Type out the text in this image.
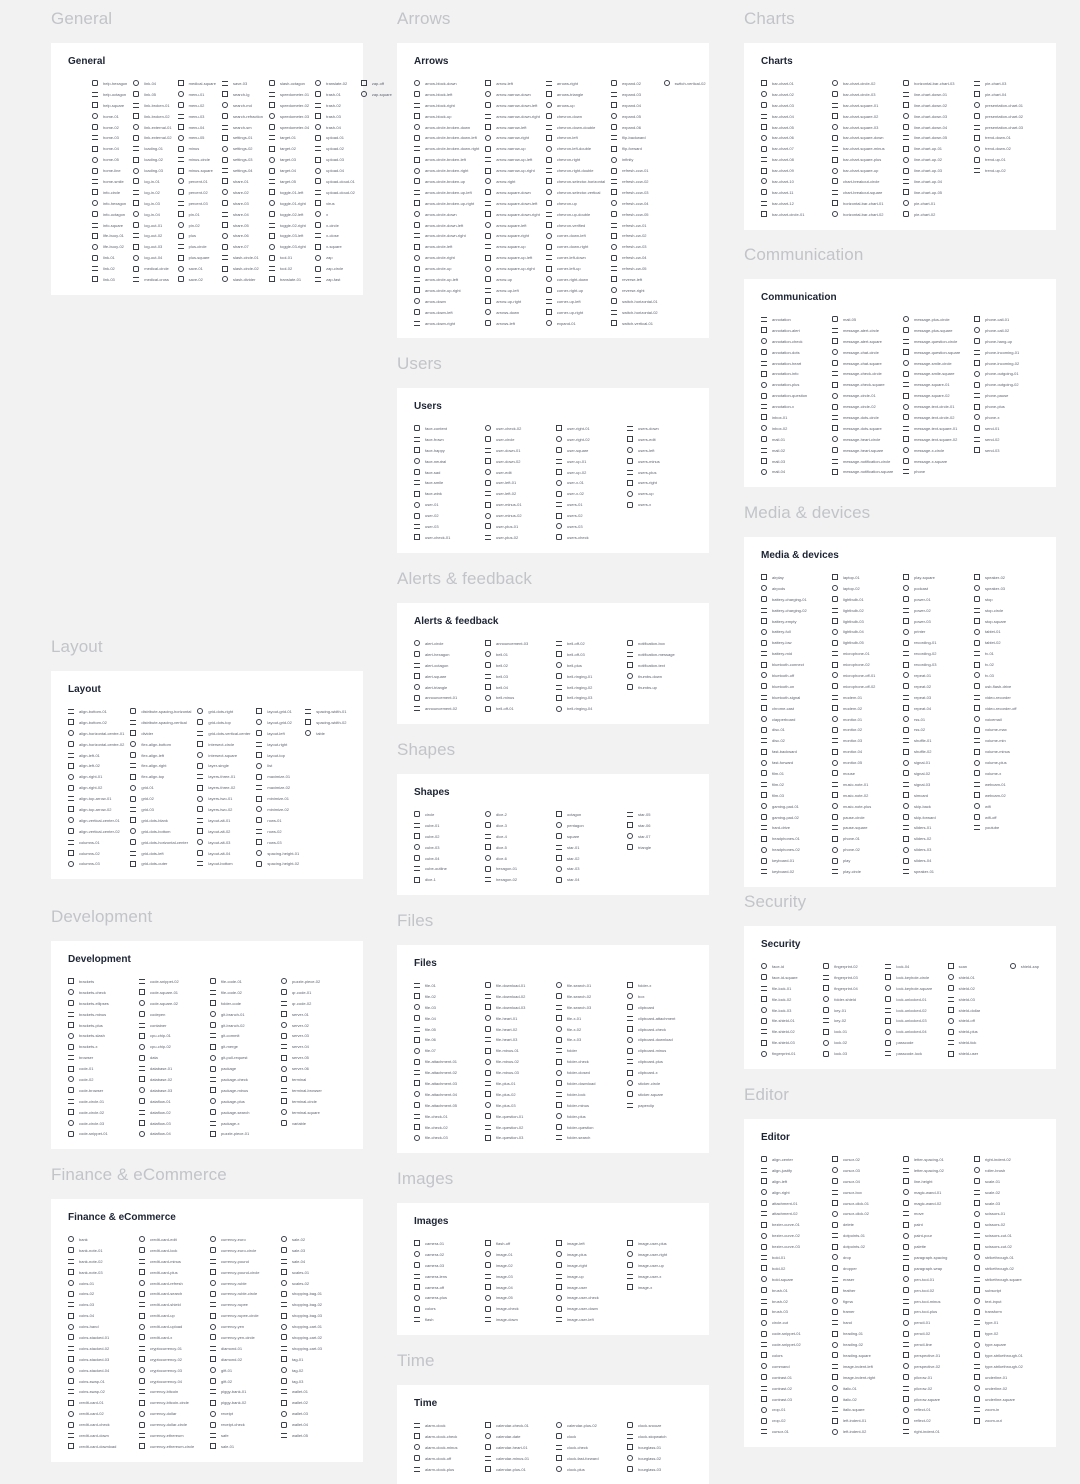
General
General
help-hexagon
help-octagon
help-square
home-01
home-02
home-03
home-04
home-05
home-line
home-smile
info-circle
info-hexagon
info-octagon
info-square
life-buoy-01
life-buoy-02
link-01
link-02
link-03
link-04
link-05
link-broken-01
link-broken-02
link-external-01
link-external-02
loading-01
loading-02
loading-03
log-in-01
log-in-02
log-in-03
log-in-04
log-out-01
log-out-02
log-out-03
log-out-04
medical-circle
medical-cross
medical-square
menu-01
menu-02
menu-03
menu-04
menu-05
minus
minus-circle
minus-square
percent-01
percent-02
percent-03
pin-01
pin-02
plus
plus-circle
plus-square
save-01
save-02
save-03
search-lg
search-md
search-refraction
search-sm
settings-01
settings-02
settings-03
settings-04
share-01
share-02
share-03
share-04
share-05
share-06
share-07
slash-circle-01
slash-circle-02
slash-divider
slash-octagon
speedometer-01
speedometer-02
speedometer-03
speedometer-04
target-01
target-02
target-03
target-04
target-05
toggle-01-left
toggle-01-right
toggle-02-left
toggle-02-right
toggle-03-left
toggle-03-right
tool-01
tool-02
translate-01
translate-02
trash-01
trash-02
trash-03
trash-04
upload-01
upload-02
upload-03
upload-04
upload-cloud-01
upload-cloud-02
virus
x
x-circle
x-close
x-square
zap
zap-circle
zap-fast
zap-off
zap-square
Arrows
Arrows
arrow-block-down
arrow-block-left
arrow-block-right
arrow-block-up
arrow-circle-broken-down
arrow-circle-broken-down-left
arrow-circle-broken-down-right
arrow-circle-broken-left
arrow-circle-broken-right
arrow-circle-broken-up
arrow-circle-broken-up-left
arrow-circle-broken-up-right
arrow-circle-down
arrow-circle-down-left
arrow-circle-down-right
arrow-circle-left
arrow-circle-right
arrow-circle-up
arrow-circle-up-left
arrow-circle-up-right
arrow-down
arrow-down-left
arrow-down-right
arrow-left
arrow-narrow-down
arrow-narrow-down-left
arrow-narrow-down-right
arrow-narrow-left
arrow-narrow-right
arrow-narrow-up
arrow-narrow-up-left
arrow-narrow-up-right
arrow-right
arrow-square-down
arrow-square-down-left
arrow-square-down-right
arrow-square-left
arrow-square-right
arrow-square-up
arrow-square-up-left
arrow-square-up-right
arrow-up
arrow-up-left
arrow-up-right
arrows-down
arrows-left
arrows-right
arrows-triangle
arrows-up
chevron-down
chevron-down-double
chevron-left
chevron-left-double
chevron-right
chevron-right-double
chevron-selector-horizontal
chevron-selector-vertical
chevron-up
chevron-up-double
chevron-verified
corner-down-left
corner-down-right
corner-left-down
corner-left-up
corner-right-down
corner-right-up
corner-up-left
corner-up-right
expand-01
expand-02
expand-03
expand-04
expand-05
expand-06
flip-backward
flip-forward
infinity
refresh-ccw-01
refresh-ccw-02
refresh-ccw-03
refresh-ccw-04
refresh-ccw-05
refresh-cw-01
refresh-cw-02
refresh-cw-03
refresh-cw-04
refresh-cw-05
reverse-left
reverse-right
switch-horizontal-01
switch-horizontal-02
switch-vertical-01
switch-vertical-02
Charts
Charts
bar-chart-01
bar-chart-02
bar-chart-03
bar-chart-04
bar-chart-05
bar-chart-06
bar-chart-07
bar-chart-08
bar-chart-09
bar-chart-10
bar-chart-11
bar-chart-12
bar-chart-circle-01
bar-chart-circle-02
bar-chart-circle-03
bar-chart-square-01
bar-chart-square-02
bar-chart-square-03
bar-chart-square-down
bar-chart-square-minus
bar-chart-square-plus
bar-chart-square-up
chart-breakout-circle
chart-breakout-square
horizontal-bar-chart-01
horizontal-bar-chart-02
horizontal-bar-chart-03
line-chart-down-01
line-chart-down-02
line-chart-down-03
line-chart-down-04
line-chart-down-05
line-chart-up-01
line-chart-up-02
line-chart-up-03
line-chart-up-04
line-chart-up-05
pie-chart-01
pie-chart-02
pie-chart-03
pie-chart-04
presentation-chart-01
presentation-chart-02
presentation-chart-03
trend-down-01
trend-down-02
trend-up-01
trend-up-02
Communication
Communication
annotation
annotation-alert
annotation-check
annotation-dots
annotation-heart
annotation-info
annotation-plus
annotation-question
annotation-x
inbox-01
inbox-02
mail-01
mail-02
mail-03
mail-04
mail-05
message-alert-circle
message-alert-square
message-chat-circle
message-chat-square
message-check-circle
message-check-square
message-circle-01
message-circle-02
message-dots-circle
message-dots-square
message-heart-circle
message-heart-square
message-notification-circle
message-notification-square
message-plus-circle
message-plus-square
message-question-circle
message-question-square
message-smile-circle
message-smile-square
message-square-01
message-square-02
message-text-circle-01
message-text-circle-02
message-text-square-01
message-text-square-02
message-x-circle
message-x-square
phone
phone-call-01
phone-call-02
phone-hang-up
phone-incoming-01
phone-incoming-02
phone-outgoing-01
phone-outgoing-02
phone-pause
phone-plus
phone-x
send-01
send-02
send-03
Users
Users
face-content
face-frown
face-happy
face-neutral
face-sad
face-smile
face-wink
user-01
user-02
user-03
user-check-01
user-check-02
user-circle
user-down-01
user-down-02
user-edit
user-left-01
user-left-02
user-minus-01
user-minus-02
user-plus-01
user-plus-02
user-right-01
user-right-02
user-square
user-up-01
user-up-02
user-x-01
user-x-02
users-01
users-02
users-03
users-check
users-down
users-edit
users-left
users-minus
users-plus
users-right
users-up
users-x
Alerts & feedback
Alerts & feedback
alert-circle
alert-hexagon
alert-octagon
alert-square
alert-triangle
announcement-01
announcement-02
announcement-03
bell-01
bell-02
bell-03
bell-04
bell-minus
bell-off-01
bell-off-02
bell-off-03
bell-plus
bell-ringing-01
bell-ringing-02
bell-ringing-03
bell-ringing-04
notification-box
notification-message
notification-text
thumbs-down
thumbs-up
Media & devices
Media & devices
airplay
airpods
battery-charging-01
battery-charging-02
battery-empty
battery-full
battery-low
battery-mid
bluetooth-connect
bluetooth-off
bluetooth-on
bluetooth-signal
chrome-cast
clapperboard
disc-01
disc-02
fast-backward
fast-forward
film-01
film-02
film-03
gaming-pad-01
gaming-pad-02
hard-drive
headphones-01
headphones-02
keyboard-01
keyboard-02
laptop-01
laptop-02
lightbulb-01
lightbulb-02
lightbulb-03
lightbulb-04
lightbulb-05
microphone-01
microphone-02
microphone-off-01
microphone-off-02
modem-01
modem-02
monitor-01
monitor-02
monitor-03
monitor-04
monitor-05
mouse
music-note-01
music-note-02
music-note-plus
pause-circle
pause-square
phone-01
phone-02
play
play-circle
play-square
podcast
power-01
power-02
power-03
printer
recording-01
recording-02
recording-03
repeat-01
repeat-02
repeat-03
repeat-04
rss-01
rss-02
shuffle-01
shuffle-02
signal-01
signal-02
signal-03
simcard
skip-back
skip-forward
sliders-01
sliders-02
sliders-03
sliders-04
speaker-01
speaker-02
speaker-03
stop
stop-circle
stop-square
tablet-01
tablet-02
tv-01
tv-02
tv-03
usb-flash-drive
video-recorder
video-recorder-off
voicemail
volume-max
volume-min
volume-minus
volume-plus
volume-x
webcam-01
webcam-02
wifi
wifi-off
youtube
Layout
Layout
align-bottom-01
align-bottom-02
align-horizontal-centre-01
align-horizontal-centre-02
align-left-01
align-left-02
align-right-01
align-right-02
align-top-arrow-01
align-top-arrow-02
align-vertical-center-01
align-vertical-center-02
columns-01
columns-02
columns-03
distribute-spacing-horizontal
distribute-spacing-vertical
divider
flex-align-bottom
flex-align-left
flex-align-right
flex-align-top
grid-01
grid-02
grid-03
grid-dots-blank
grid-dots-bottom
grid-dots-horizontal-center
grid-dots-left
grid-dots-outer
grid-dots-right
grid-dots-top
grid-dots-vertical-center
intersect-circle
intersect-square
layer-single
layers-three-01
layers-three-02
layers-two-01
layers-two-02
layout-alt-01
layout-alt-02
layout-alt-03
layout-alt-04
layout-bottom
layout-grid-01
layout-grid-02
layout-left
layout-right
layout-top
list
maximize-01
maximize-02
minimize-01
minimize-02
rows-01
rows-02
rows-03
spacing-height-01
spacing-height-02
spacing-width-01
spacing-width-02
table
Shapes
Shapes
circle
cube-01
cube-02
cube-03
cube-04
cube-outline
dice-1
dice-2
dice-3
dice-4
dice-5
dice-6
hexagon-01
hexagon-02
octagon
pentagon
square
star-01
star-02
star-03
star-04
star-05
star-06
star-07
triangle
Security
Security
face-id
face-id-square
file-lock-01
file-lock-02
file-lock-03
file-shield-01
file-shield-02
file-shield-03
fingerprint-01
fingerprint-02
fingerprint-03
fingerprint-04
folder-shield
key-01
key-02
lock-01
lock-02
lock-03
lock-04
lock-keyhole-circle
lock-keyhole-square
lock-unlocked-01
lock-unlocked-02
lock-unlocked-03
lock-unlocked-04
passcode
passcode-lock
scan
shield-01
shield-02
shield-03
shield-dollar
shield-off
shield-plus
shield-tick
shield-user
shield-zap
Development
Development
brackets
brackets-check
brackets-ellipses
brackets-minus
brackets-plus
brackets-slash
brackets-x
browser
code-01
code-02
code-browser
code-circle-01
code-circle-02
code-circle-03
code-snippet-01
code-snippet-02
code-square-01
code-square-02
codepen
container
cpu-chip-01
cpu-chip-02
data
database-01
database-02
database-03
dataflow-01
dataflow-02
dataflow-03
dataflow-04
file-code-01
file-code-02
folder-code
git-branch-01
git-branch-02
git-commit
git-merge
git-pull-request
package
package-check
package-minus
package-plus
package-search
package-x
puzzle-piece-01
puzzle-piece-02
qr-code-01
qr-code-02
server-01
server-02
server-03
server-04
server-05
server-06
terminal
terminal-browser
terminal-circle
terminal-square
variable
Files
Files
file-01
file-02
file-03
file-04
file-05
file-06
file-07
file-attachment-01
file-attachment-02
file-attachment-03
file-attachment-04
file-attachment-05
file-check-01
file-check-02
file-check-03
file-download-01
file-download-02
file-download-03
file-heart-01
file-heart-02
file-heart-03
file-minus-01
file-minus-02
file-minus-03
file-plus-01
file-plus-02
file-plus-03
file-question-01
file-question-02
file-question-03
file-search-01
file-search-02
file-search-03
file-x-01
file-x-02
file-x-03
folder
folder-check
folder-closed
folder-download
folder-lock
folder-minus
folder-plus
folder-question
folder-search
folder-x
box
clipboard
clipboard-attachment
clipboard-check
clipboard-download
clipboard-minus
clipboard-plus
clipboard-x
sticker-circle
sticker-square
paperclip
Editor
Editor
align-center
align-justify
align-left
align-right
attachment-01
attachment-02
bezier-curve-01
bezier-curve-02
bezier-curve-03
bold-01
bold-02
bold-square
brush-01
brush-02
brush-03
circle-cut
code-snippet-01
code-snippet-02
colors
command
contrast-01
contrast-02
contrast-03
crop-01
crop-02
cursor-01
cursor-02
cursor-03
cursor-04
cursor-box
cursor-click-01
cursor-click-02
delete
dotpoints-01
dotpoints-02
drop
dropper
eraser
feather
figma
framer
hand
heading-01
heading-02
heading-square
image-indent-left
image-indent-right
italic-01
italic-02
italic-square
left-indent-01
left-indent-02
letter-spacing-01
letter-spacing-02
line-height
magic-wand-01
magic-wand-02
move
paint
paint-pour
palette
paragraph-spacing
paragraph-wrap
pen-tool-01
pen-tool-02
pen-tool-minus
pen-tool-plus
pencil-01
pencil-02
pencil-line
perspective-01
perspective-02
pilcrow-01
pilcrow-02
pilcrow-square
reflect-01
reflect-02
right-indent-01
right-indent-02
roller-brush
scale-01
scale-02
scale-03
scissors-01
scissors-02
scissors-cut-01
scissors-cut-02
strikethrough-01
strikethrough-02
strikethrough-square
subscript
text-input
transform
type-01
type-02
type-square
type-strikethrough-01
type-strikethrough-02
underline-01
underline-02
underline-square
zoom-in
zoom-out
Finance & eCommerce
Finance & eCommerce
bank
bank-note-01
bank-note-02
bank-note-03
coins-01
coins-02
coins-03
coins-04
coins-hand
coins-stacked-01
coins-stacked-02
coins-stacked-03
coins-stacked-04
coins-swap-01
coins-swap-02
credit-card-01
credit-card-02
credit-card-check
credit-card-down
credit-card-download
credit-card-edit
credit-card-lock
credit-card-minus
credit-card-plus
credit-card-refresh
credit-card-search
credit-card-shield
credit-card-up
credit-card-upload
credit-card-x
cryptocurrency-01
cryptocurrency-02
cryptocurrency-03
cryptocurrency-04
currency-bitcoin
currency-bitcoin-circle
currency-dollar
currency-dollar-circle
currency-ethereum
currency-ethereum-circle
currency-euro
currency-euro-circle
currency-pound
currency-pound-circle
currency-ruble
currency-ruble-circle
currency-rupee
currency-rupee-circle
currency-yen
currency-yen-circle
diamond-01
diamond-02
gift-01
gift-02
piggy-bank-01
piggy-bank-02
receipt
receipt-check
safe
sale-01
sale-02
sale-03
sale-04
scales-01
scales-02
shopping-bag-01
shopping-bag-02
shopping-bag-03
shopping-cart-01
shopping-cart-02
shopping-cart-03
tag-01
tag-02
tag-03
wallet-01
wallet-02
wallet-03
wallet-04
wallet-05
Images
Images
camera-01
camera-02
camera-03
camera-lens
camera-off
camera-plus
colors
flash
flash-off
image-01
image-02
image-03
image-04
image-05
image-check
image-down
image-left
image-plus
image-right
image-up
image-user
image-user-check
image-user-down
image-user-left
image-user-plus
image-user-right
image-user-up
image-user-x
image-x
Time
Time
alarm-clock
alarm-clock-check
alarm-clock-minus
alarm-clock-off
alarm-clock-plus
calendar-check-01
calendar-date
calendar-heart-01
calendar-minus-01
calendar-plus-01
calendar-plus-02
clock
clock-check
clock-fast-forward
clock-plus
clock-snooze
clock-stopwatch
hourglass-01
hourglass-02
hourglass-03
